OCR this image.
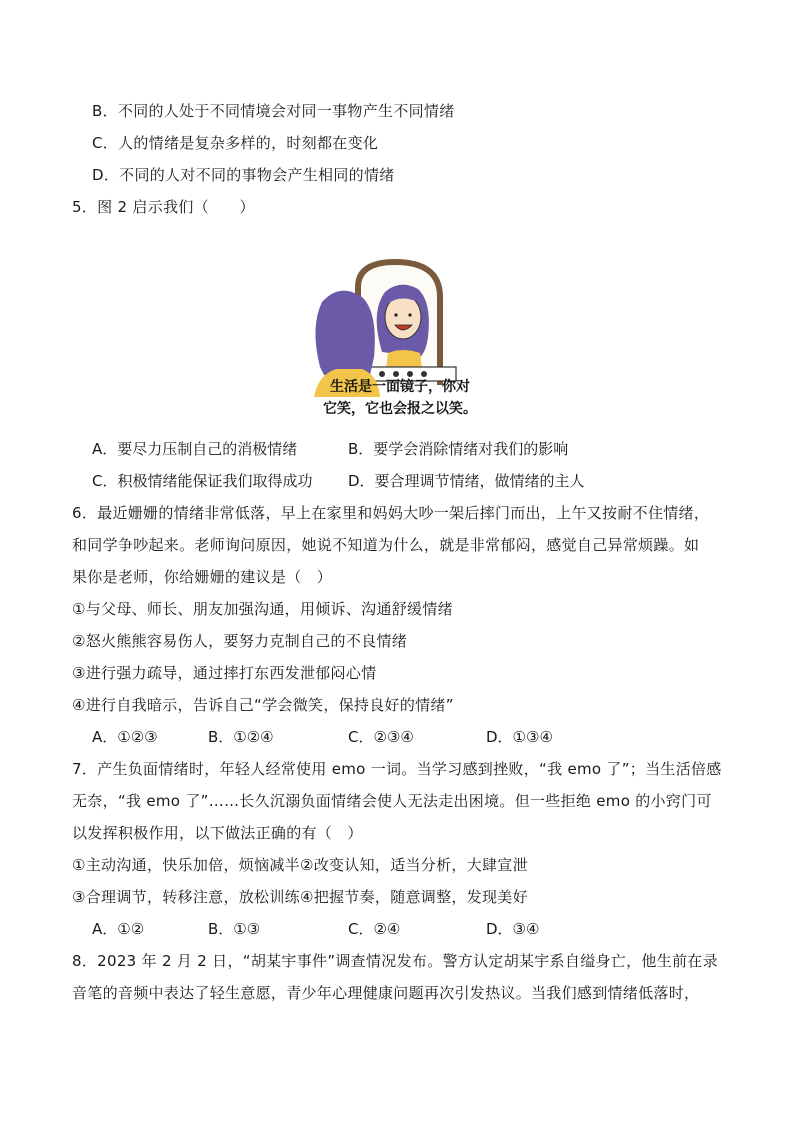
B．不同的人处于不同情境会对同一事物产生不同情绪
C．人的情绪是复杂多样的，时刻都在变化
D．不同的人对不同的事物会产生相同的情绪
5．图 2 启示我们（　　）
生活是一面镜子，你对
它笑，它也会报之以笑。
A．要尽力压制自己的消极情绪	B．要学会消除情绪对我们的影响
C．积极情绪能保证我们取得成功 D．要合理调节情绪，做情绪的主人
6．最近姗姗的情绪非常低落，早上在家里和妈妈大吵一架后摔门而出，上午又按耐不住情绪，
和同学争吵起来。老师询问原因，她说不知道为什么，就是非常郁闷，感觉自己异常烦躁。如
果你是老师，你给姗姗的建议是（　）
①与父母、师长、朋友加强沟通，用倾诉、沟通舒缓情绪
②怒火熊熊容易伤人，要努力克制自己的不良情绪
③进行强力疏导，通过摔打东西发泄郁闷心情
④进行自我暗示，告诉自己“学会微笑，保持良好的情绪”
A．①②③	B．①②④	C．②③④	D．①③④
7．产生负面情绪时，年轻人经常使用 emo 一词。当学习感到挫败，“我 emo 了”；当生活倍感
无奈，“我 emo 了”……长久沉溺负面情绪会使人无法走出困境。但一些拒绝 emo 的小窍门可
以发挥积极作用，以下做法正确的有（　）
①主动沟通，快乐加倍，烦恼减半②改变认知，适当分析，大肆宣泄
③合理调节，转移注意，放松训练④把握节奏，随意调整，发现美好
A．①②	B．①③	C．②④	D．③④
8．2023 年 2 月 2 日，“胡某宇事件”调查情况发布。警方认定胡某宇系自缢身亡，他生前在录
音笔的音频中表达了轻生意愿，青少年心理健康问题再次引发热议。当我们感到情绪低落时，
